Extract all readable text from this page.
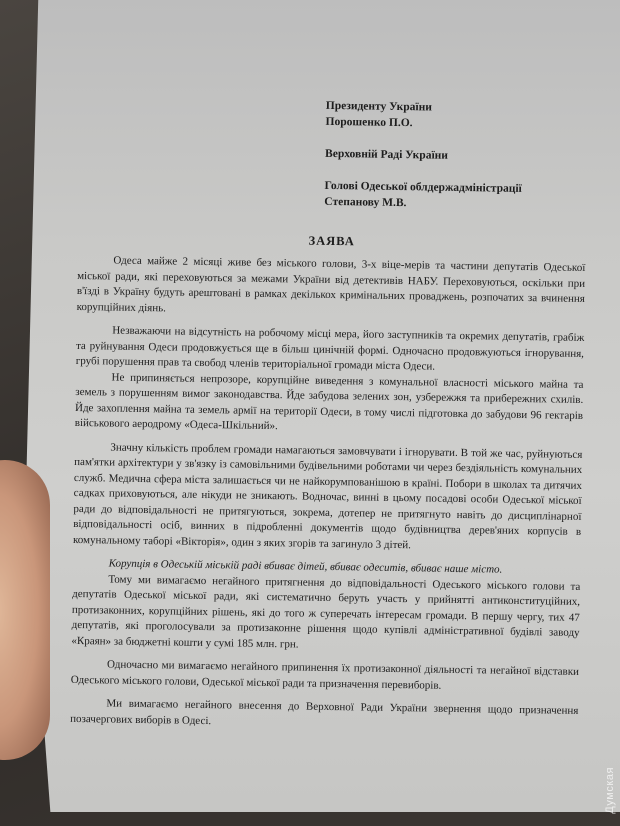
Президенту України
Порошенко П.О.
Верховній Раді України
Голові Одеської облдержадміністрації
Степанову М.В.
ЗАЯВА

Одеса майже 2 місяці живе без міського голови, 3-х віце-мерів та частини депутатів Одеської міської ради, які переховуються за межами України від детективів НАБУ. Переховуються, оскільки при в'їзді в Україну будуть арештовані в рамках декількох кримінальних проваджень, розпочатих за вчинення корупційних діянь.

Незважаючи на відсутність на робочому місці мера, його заступників та окремих депутатів, грабіж та руйнування Одеси продовжується ще в більш цинічній формі. Одночасно продовжуються ігнорування, грубі порушення прав та свобод членів територіальної громади міста Одеси.

Не припиняється непрозоре, корупційне виведення з комунальної власності міського майна та земель з порушенням вимог законодавства. Йде забудова зелених зон, узбережжя та прибережних схилів. Йде захоплення майна та земель армії на території Одеси, в тому числі підготовка до забудови 96 гектарів військового аеродрому «Одеса-Шкільний».

Значну кількість проблем громади намагаються замовчувати і ігнорувати. В той же час, руйнуються пам'ятки архітектури у зв'язку із самовільними будівельними роботами чи через бездіяльність комунальних служб. Медична сфера міста залишається чи не найкорумпованішою в країні. Побори в школах та дитячих садках приховуються, але нікуди не зникають. Водночас, винні в цьому посадові особи Одеської міської ради до відповідальності не притягуються, зокрема, дотепер не притягнуто навіть до дисциплінарної відповідальності осіб, винних в підробленні документів щодо будівництва дерев'яних корпусів в комунальному таборі «Вікторія», один з яких згорів та загинуло 3 дітей.

Корупція в Одеській міській раді вбиває дітей, вбиває одеситів, вбиває наше місто.

Тому ми вимагаємо негайного притягнення до відповідальності Одеського міського голови та депутатів Одеської міської ради, які систематично беруть участь у прийнятті антиконституційних, протизаконних, корупційних рішень, які до того ж суперечать інтересам громади. В першу чергу, тих 47 депутатів, які проголосували за протизаконне рішення щодо купівлі адміністративної будівлі заводу «Краян» за бюджетні кошти у сумі 185 млн. грн.

Одночасно ми вимагаємо негайного припинення їх протизаконної діяльності та негайної відставки Одеського міського голови, Одеської міської ради та призначення перевиборів.

Ми вимагаємо негайного внесення до Верховної Ради України звернення щодо призначення позачергових виборів в Одесі.

Думская
